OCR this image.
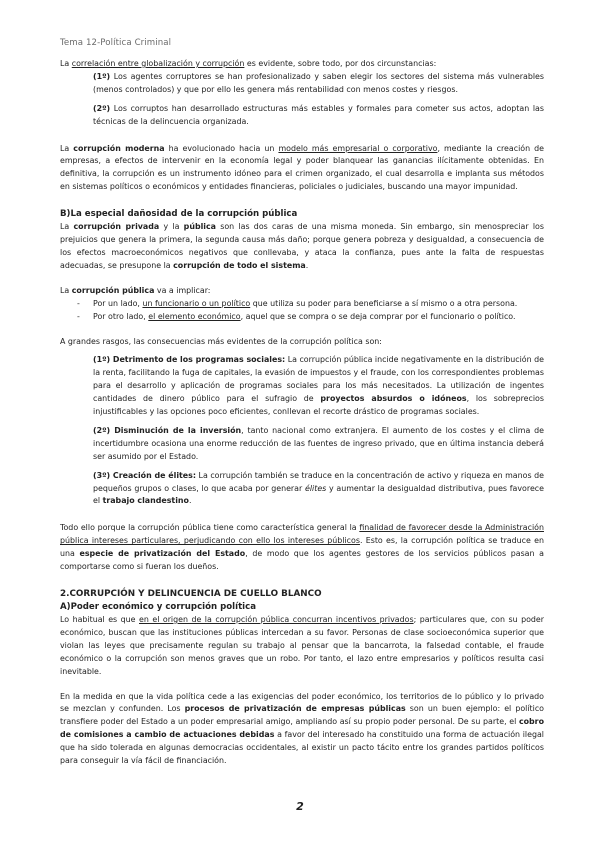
Tema 12-Política Criminal

La correlación entre globalización y corrupción es evidente, sobre todo, por dos circunstancias:

(1º) Los agentes corruptores se han profesionalizado y saben elegir los sectores del sistema más vulnerables (menos controlados) y que por ello les genera más rentabilidad con menos costes y riesgos.

(2º) Los corruptos han desarrollado estructuras más estables y formales para cometer sus actos, adoptan las técnicas de la delincuencia organizada.

La corrupción moderna ha evolucionado hacia un modelo más empresarial o corporativo, mediante la creación de empresas, a efectos de intervenir en la economía legal y poder blanquear las ganancias ilícitamente obtenidas. En definitiva, la corrupción es un instrumento idóneo para el crimen organizado, el cual desarrolla e implanta sus métodos en sistemas políticos o económicos y entidades financieras, policiales o judiciales, buscando una mayor impunidad.

B)La especial dañosidad de la corrupción pública

La corrupción privada y la pública son las dos caras de una misma moneda. Sin embargo, sin menospreciar los prejuicios que genera la primera, la segunda causa más daño; porque genera pobreza y desigualdad, a consecuencia de los efectos macroeconómicos negativos que conllevaba, y ataca la confianza, pues ante la falta de respuestas adecuadas, se presupone la corrupción de todo el sistema.

La corrupción pública va a implicar:

- Por un lado, un funcionario o un político que utiliza su poder para beneficiarse a sí mismo o a otra persona.
- Por otro lado, el elemento económico, aquel que se compra o se deja comprar por el funcionario o político.

A grandes rasgos, las consecuencias más evidentes de la corrupción política son:

(1º) Detrimento de los programas sociales: La corrupción pública incide negativamente en la distribución de la renta, facilitando la fuga de capitales, la evasión de impuestos y el fraude, con los correspondientes problemas para el desarrollo y aplicación de programas sociales para los más necesitados. La utilización de ingentes cantidades de dinero público para el sufragio de proyectos absurdos o idóneos, los sobreprecios injustificables y las opciones poco eficientes, conllevan el recorte drástico de programas sociales.

(2º) Disminución de la inversión, tanto nacional como extranjera. El aumento de los costes y el clima de incertidumbre ocasiona una enorme reducción de las fuentes de ingreso privado, que en última instancia deberá ser asumido por el Estado.

(3º) Creación de élites: La corrupción también se traduce en la concentración de activo y riqueza en manos de pequeños grupos o clases, lo que acaba por generar élites y aumentar la desigualdad distributiva, pues favorece el trabajo clandestino.

Todo ello porque la corrupción pública tiene como característica general la finalidad de favorecer desde la Administración pública intereses particulares, perjudicando con ello los intereses públicos. Esto es, la corrupción política se traduce en una especie de privatización del Estado, de modo que los agentes gestores de los servicios públicos pasan a comportarse como si fueran los dueños.

2.CORRUPCIÓN Y DELINCUENCIA DE CUELLO BLANCO
A)Poder económico y corrupción política

Lo habitual es que en el origen de la corrupción pública concurran incentivos privados; particulares que, con su poder económico, buscan que las instituciones públicas intercedan a su favor. Personas de clase socioeconómica superior que violan las leyes que precisamente regulan su trabajo al pensar que la bancarrota, la falsedad contable, el fraude económico o la corrupción son menos graves que un robo. Por tanto, el lazo entre empresarios y políticos resulta casi inevitable.

En la medida en que la vida política cede a las exigencias del poder económico, los territorios de lo público y lo privado se mezclan y confunden. Los procesos de privatización de empresas públicas son un buen ejemplo: el político transfiere poder del Estado a un poder empresarial amigo, ampliando así su propio poder personal. De su parte, el cobro de comisiones a cambio de actuaciones debidas a favor del interesado ha constituido una forma de actuación ilegal que ha sido tolerada en algunas democracias occidentales, al existir un pacto tácito entre los grandes partidos políticos para conseguir la vía fácil de financiación.

2
